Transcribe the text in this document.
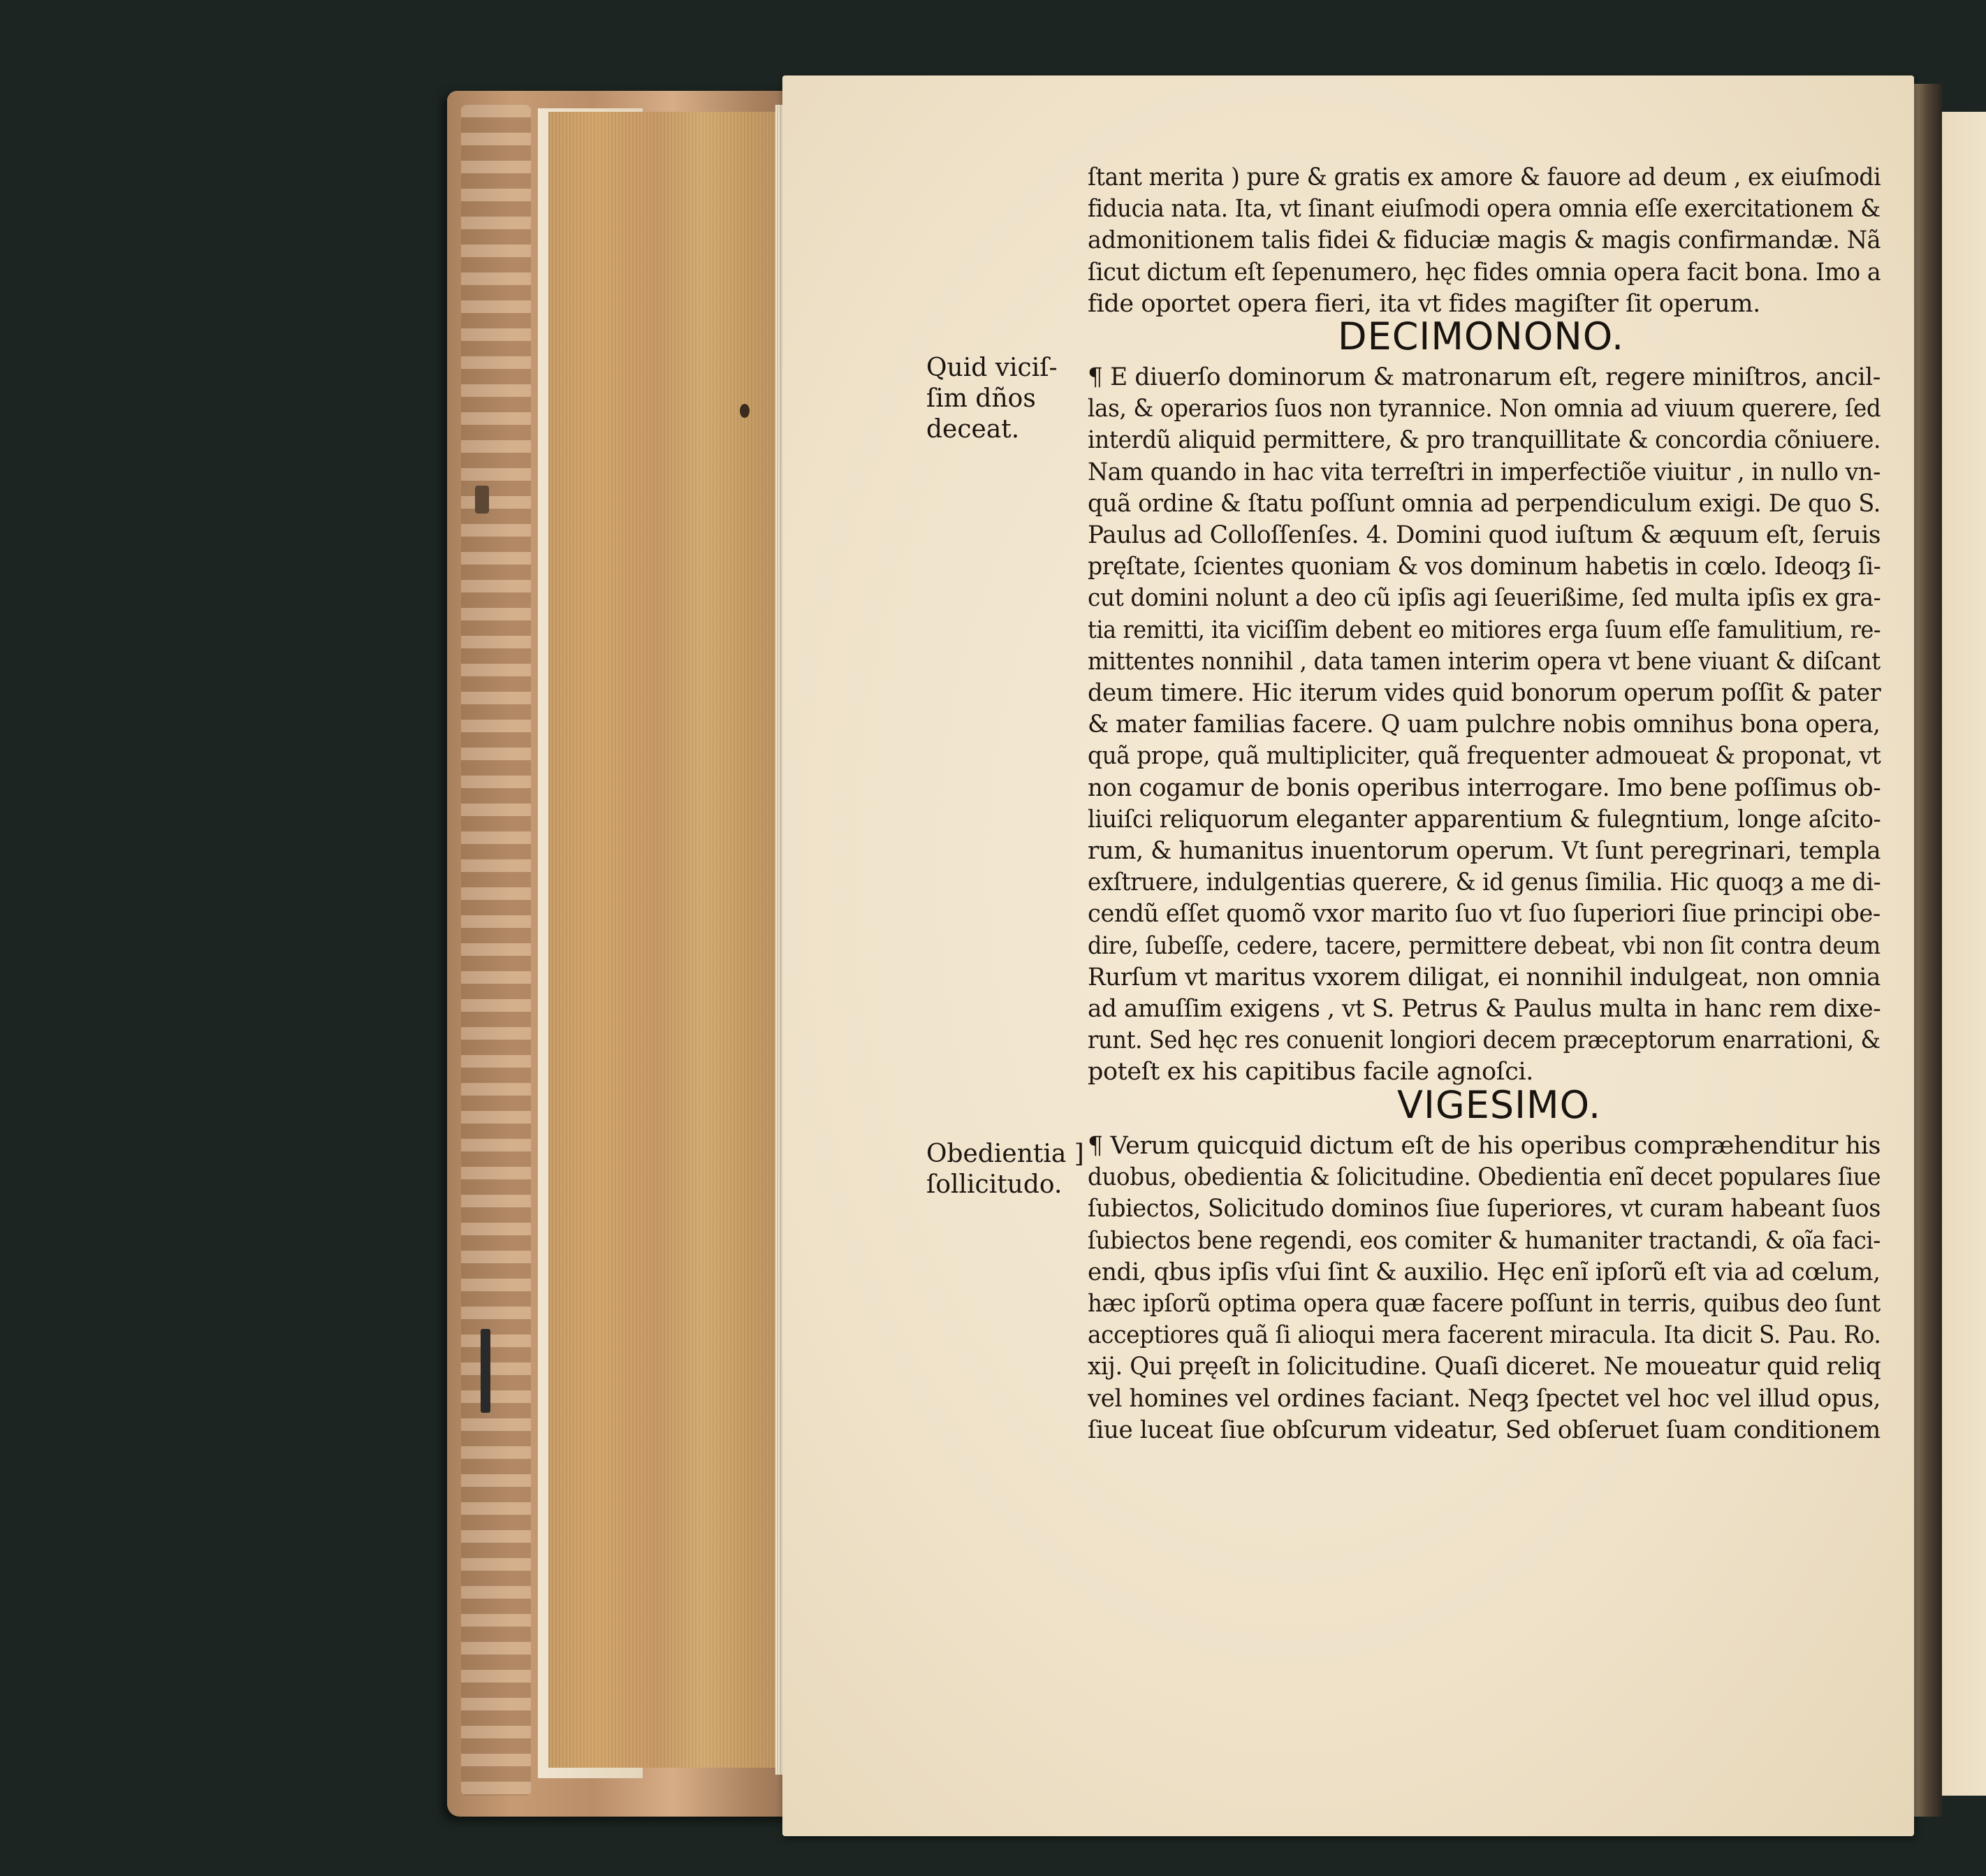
ſtant merita ) pure & gratis ex amore & fauore ad deum , ex eiuſmodi
fiducia nata. Ita, vt ſinant eiuſmodi opera omnia eſſe exercitationem &
admonitionem talis fidei & fiduciæ magis & magis confirmandæ. Nã
ſicut dictum eſt ſepenumero, hęc fides omnia opera facit bona. Imo a
fide oportet opera fieri, ita vt fides magiſter ſit operum.
DECIMONONO.
Quid viciſ-
ſim dños
deceat.
¶ E diuerſo dominorum & matronarum eſt, regere miniſtros, ancil-
las, & operarios ſuos non tyrannice. Non omnia ad viuum querere, ſed
interdũ aliquid permittere, & pro tranquillitate & concordia cõniuere.
Nam quando in hac vita terreſtri in imperfectiõe viuitur , in nullo vn-
quã ordine & ſtatu poſſunt omnia ad perpendiculum exigi. De quo S.
Paulus ad Colloſſenſes. 4. Domini quod iuſtum & æquum eſt, ſeruis
pręſtate, ſcientes quoniam & vos dominum habetis in cœlo. Ideoqȝ ſi-
cut domini nolunt a deo cũ ipſis agi ſeuerißime, ſed multa ipſis ex gra-
tia remitti, ita viciſſim debent eo mitiores erga ſuum eſſe famulitium, re-
mittentes nonnihil , data tamen interim opera vt bene viuant & diſcant
deum timere. Hic iterum vides quid bonorum operum poſſit & pater
& mater familias facere. Q uam pulchre nobis omnihus bona opera,
quã prope, quã multipliciter, quã frequenter admoueat & proponat, vt
non cogamur de bonis operibus interrogare. Imo bene poſſimus ob-
liuiſci reliquorum eleganter apparentium & fulegntium, longe aſcito-
rum, & humanitus inuentorum operum. Vt ſunt peregrinari, templa
exſtruere, indulgentias querere, & id genus ſimilia. Hic quoqȝ a me di-
cendũ eſſet quomõ vxor marito ſuo vt ſuo ſuperiori ſiue principi obe-
dire, ſubeſſe, cedere, tacere, permittere debeat, vbi non ſit contra deum
Rurſum vt maritus vxorem diligat, ei nonnihil indulgeat, non omnia
ad amuſſim exigens , vt S. Petrus & Paulus multa in hanc rem dixe-
runt. Sed hęc res conuenit longiori decem præceptorum enarrationi, &
poteſt ex his capitibus facile agnoſci.
VIGESIMO.
Obedientia ]
ſollicitudo.
¶ Verum quicquid dictum eſt de his operibus compræhenditur his
duobus, obedientia & ſolicitudine. Obedientia enĩ decet populares ſiue
ſubiectos, Solicitudo dominos ſiue ſuperiores, vt curam habeant ſuos
ſubiectos bene regendi, eos comiter & humaniter tractandi, & oĩa faci-
endi, qbus ipſis vſui ſint & auxilio. Hęc enĩ ipſorũ eſt via ad cœlum,
hæc ipſorũ optima opera quæ facere poſſunt in terris, quibus deo ſunt
acceptiores quã ſi alioqui mera facerent miracula. Ita dicit S. Pau. Ro.
xij. Qui pręeſt in ſolicitudine. Quaſi diceret. Ne moueatur quid reliq
vel homines vel ordines faciant. Neqȝ ſpectet vel hoc vel illud opus,
ſiue luceat ſiue obſcurum videatur, Sed obſeruet ſuam conditionem
